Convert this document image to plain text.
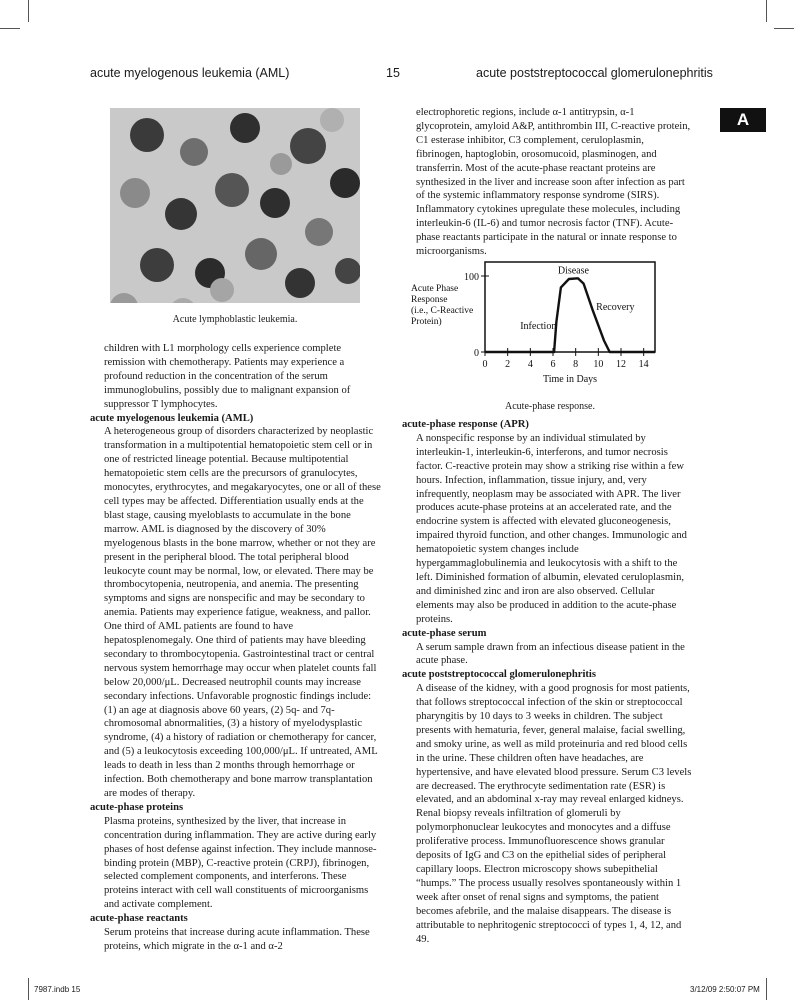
acute myelogenous leukemia (AML)	15	acute poststreptococcal glomerulonephritis
A
Acute lymphoblastic leukemia.

children with L1 morphology cells experience complete remission with chemotherapy. Patients may experience a profound reduction in the concentration of the serum immunoglobulins, possibly due to malignant expansion of suppressor T lymphocytes.

acute myelogenous leukemia (AML)

A heterogeneous group of disorders characterized by neoplastic transformation in a multipotential hematopoietic stem cell or in one of restricted lineage potential. Because multipotential hematopoietic stem cells are the precursors of granulocytes, monocytes, erythrocytes, and megakaryocytes, one or all of these cell types may be affected. Differentiation usually ends at the blast stage, causing myeloblasts to accumulate in the bone marrow. AML is diagnosed by the discovery of 30% myelogenous blasts in the bone marrow, whether or not they are present in the peripheral blood. The total peripheral blood leukocyte count may be normal, low, or elevated. There may be thrombocytopenia, neutropenia, and anemia. The presenting symptoms and signs are nonspecific and may be secondary to anemia. Patients may experience fatigue, weakness, and pallor. One third of AML patients are found to have hepatosplenomegaly. One third of patients may have bleeding secondary to thrombocytopenia. Gastrointestinal tract or central nervous system hemorrhage may occur when platelet counts fall below 20,000/μL. Decreased neutrophil counts may increase secondary infections. Unfavorable prognostic findings include: (1) an age at diagnosis above 60 years, (2) 5q- and 7q- chromosomal abnormalities, (3) a history of myelodysplastic syndrome, (4) a history of radiation or chemotherapy for cancer, and (5) a leukocytosis exceeding 100,000/μL. If untreated, AML leads to death in less than 2 months through hemorrhage or infection. Both chemotherapy and bone marrow transplantation are modes of therapy.

acute-phase proteins

Plasma proteins, synthesized by the liver, that increase in concentration during inflammation. They are active during early phases of host defense against infection. They include mannose-binding protein (MBP), C-reactive protein (CRPJ), fibrinogen, selected complement components, and interferons. These proteins interact with cell wall constituents of microorganisms and activate complement.

acute-phase reactants

Serum proteins that increase during acute inflammation. These proteins, which migrate in the α-1 and α-2

electrophoretic regions, include α-1 antitrypsin, α-1 glycoprotein, amyloid A&P, antithrombin III, C-reactive protein, C1 esterase inhibitor, C3 complement, ceruloplasmin, fibrinogen, haptoglobin, orosomucoid, plasminogen, and transferrin. Most of the acute-phase reactant proteins are synthesized in the liver and increase soon after infection as part of the systemic inflammatory response syndrome (SIRS). Inflammatory cytokines upregulate these molecules, including interleukin-6 (IL-6) and tumor necrosis factor (TNF). Acute-phase reactants participate in the natural or innate response to microorganisms.

0 2 4 6 8 10 12 14
0
100
Acute Phase
Response
(i.e., C-Reactive
Protein)
Time in Days
Infection
Disease
Recovery
Acute-phase response.

acute-phase response (APR)

A nonspecific response by an individual stimulated by interleukin-1, interleukin-6, interferons, and tumor necrosis factor. C-reactive protein may show a striking rise within a few hours. Infection, inflammation, tissue injury, and, very infrequently, neoplasm may be associated with APR. The liver produces acute-phase proteins at an accelerated rate, and the endocrine system is affected with elevated gluconeogenesis, impaired thyroid function, and other changes. Immunologic and hematopoietic system changes include hypergammaglobulinemia and leukocytosis with a shift to the left. Diminished formation of albumin, elevated ceruloplasmin, and diminished zinc and iron are also observed. Cellular elements may also be produced in addition to the acute-phase proteins.

acute-phase serum

A serum sample drawn from an infectious disease patient in the acute phase.

acute poststreptococcal glomerulonephritis

A disease of the kidney, with a good prognosis for most patients, that follows streptococcal infection of the skin or streptococcal pharyngitis by 10 days to 3 weeks in children. The subject presents with hematuria, fever, general malaise, facial swelling, and smoky urine, as well as mild proteinuria and red blood cells in the urine. These children often have headaches, are hypertensive, and have elevated blood pressure. Serum C3 levels are decreased. The erythrocyte sedimentation rate (ESR) is elevated, and an abdominal x-ray may reveal enlarged kidneys. Renal biopsy reveals infiltration of glomeruli by polymorphonuclear leukocytes and monocytes and a diffuse proliferative process. Immunofluorescence shows granular deposits of IgG and C3 on the epithelial sides of peripheral capillary loops. Electron microscopy shows subepithelial “humps.” The process usually resolves spontaneously within 1 week after onset of renal signs and symptoms, the patient becomes afebrile, and the malaise disappears. The disease is attributable to nephritogenic streptococci of types 1, 4, 12, and 49.

7987.indb 15	3/12/09 2:50:07 PM
